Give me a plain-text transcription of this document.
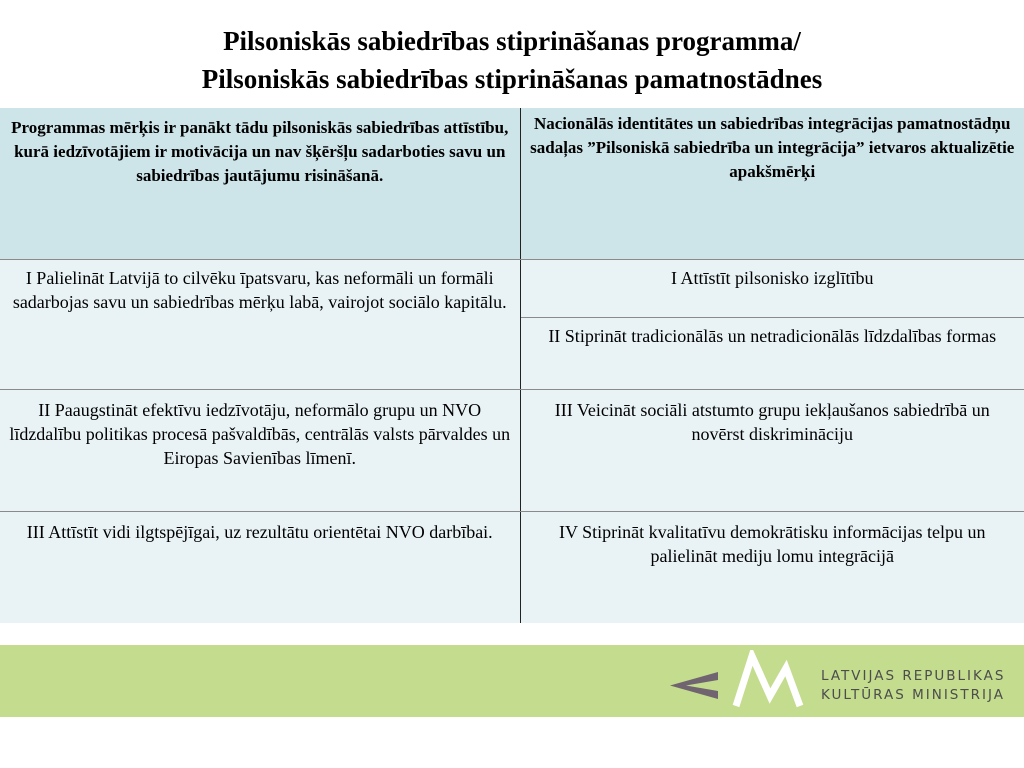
Pilsoniskās sabiedrības stiprināšanas programma/
Pilsoniskās sabiedrības stiprināšanas pamatnostādnes
Programmas mērķis ir panākt tādu pilsoniskās sabiedrības attīstību, kurā iedzīvotājiem ir motivācija un nav šķēršļu sadarboties savu un sabiedrības jautājumu risināšanā.	Nacionālās identitātes un sabiedrības integrācijas pamatnostādņu sadaļas ”Pilsoniskā sabiedrība un integrācija” ietvaros aktualizētie apakšmērķi
I Palielināt Latvijā to cilvēku īpatsvaru, kas neformāli un formāli sadarbojas savu un sabiedrības mērķu labā, vairojot sociālo kapitālu.	I Attīstīt pilsonisko izglītību
	II Stiprināt tradicionālās un netradicionālās līdzdalības formas
II Paaugstināt efektīvu iedzīvotāju, neformālo grupu un NVO līdzdalību politikas procesā pašvaldībās, centrālās valsts pārvaldes un Eiropas Savienības līmenī.	III Veicināt sociāli atstumto grupu iekļaušanos sabiedrībā un novērst diskrimināciju
III Attīstīt vidi ilgtspējīgai, uz rezultātu orientētai NVO darbībai.	IV Stiprināt kvalitatīvu demokrātisku informācijas telpu un palielināt mediju lomu integrācijā
LATVIJAS REPUBLIKAS
KULTŪRAS MINISTRIJA
